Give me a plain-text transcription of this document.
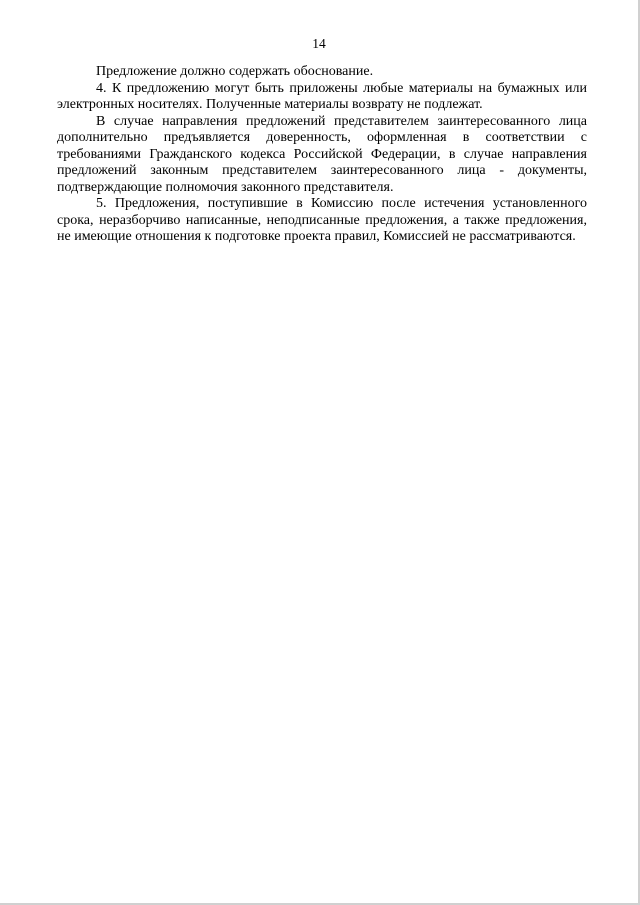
14

Предложение должно содержать обоснование.

4. К предложению могут быть приложены любые материалы на бумажных или электронных носителях. Полученные материалы возврату не подлежат.

В случае направления предложений представителем заинтересованного лица дополнительно предъявляется доверенность, оформленная в соответствии с требованиями Гражданского кодекса Российской Федерации, в случае направления предложений законным представителем заинтересованного лица - документы, подтверждающие полномочия законного представителя.

5. Предложения, поступившие в Комиссию после истечения установленного срока, неразборчиво написанные, неподписанные предложения, а также предложения, не имеющие отношения к подготовке проекта правил, Комиссией не рассматриваются.
